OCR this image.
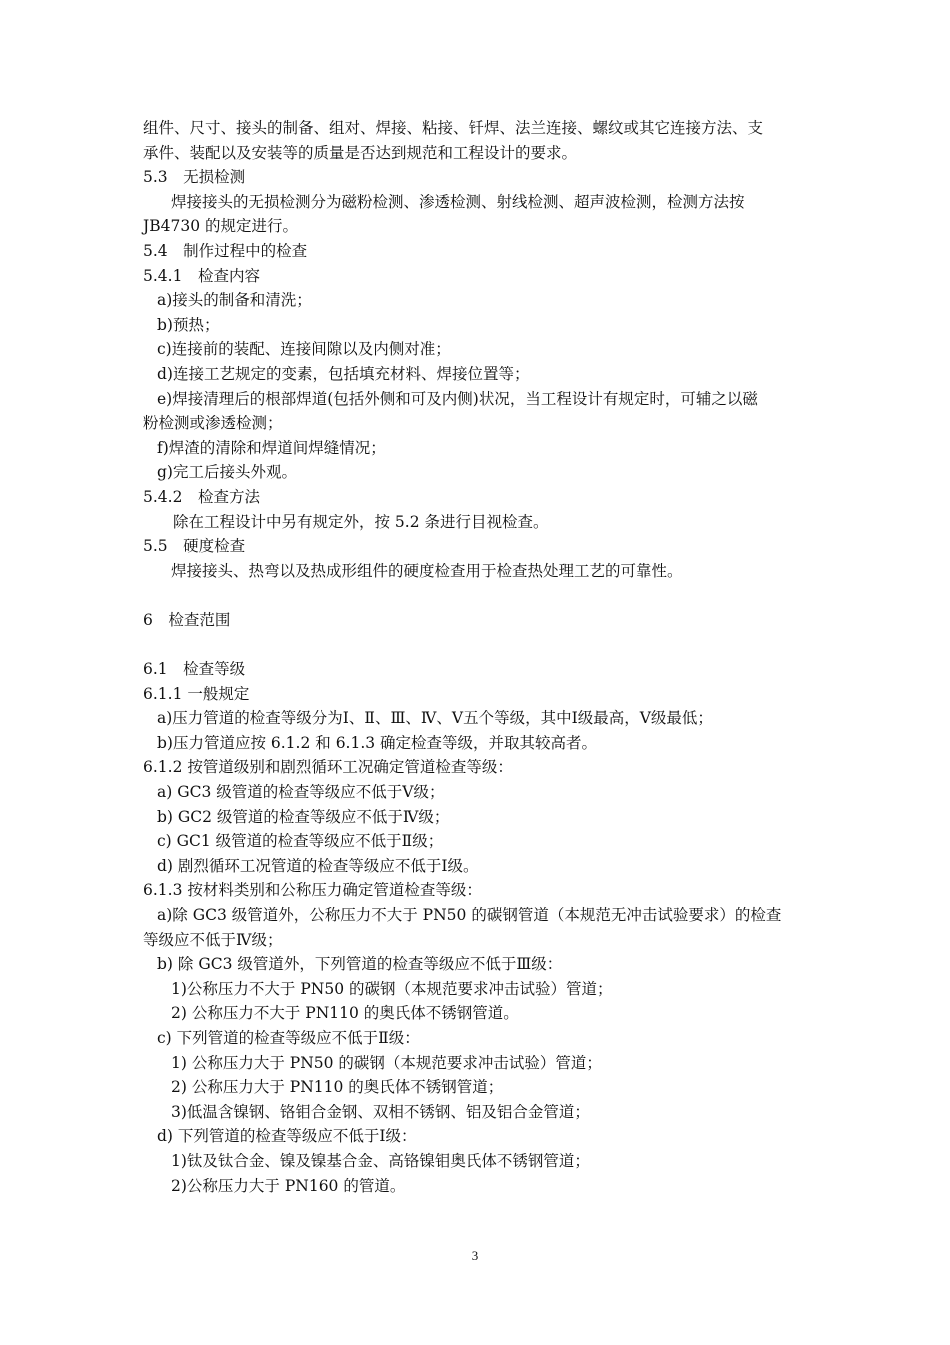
组件、尺寸、接头的制备、组对、焊接、粘接、钎焊、法兰连接、螺纹或其它连接方法、支
承件、装配以及安装等的质量是否达到规范和工程设计的要求。
5.3　无损检测
焊接接头的无损检测分为磁粉检测、渗透检测、射线检测、超声波检测，检测方法按
JB4730 的规定进行。
5.4　制作过程中的检查
5.4.1　检查内容
a)接头的制备和清洗；
b)预热；
c)连接前的装配、连接间隙以及内侧对准；
d)连接工艺规定的变素，包括填充材料、焊接位置等；
e)焊接清理后的根部焊道(包括外侧和可及内侧)状况，当工程设计有规定时，可辅之以磁
粉检测或渗透检测；
f)焊渣的清除和焊道间焊缝情况；
g)完工后接头外观。
5.4.2　检查方法
除在工程设计中另有规定外，按 5.2 条进行目视检查。
5.5　硬度检查
焊接接头、热弯以及热成形组件的硬度检查用于检查热处理工艺的可靠性。
6　检查范围
6.1　检查等级
6.1.1 一般规定
a)压力管道的检查等级分为Ⅰ、Ⅱ、Ⅲ、Ⅳ、Ⅴ五个等级，其中Ⅰ级最高，Ⅴ级最低；
b)压力管道应按 6.1.2 和 6.1.3 确定检查等级，并取其较高者。
6.1.2 按管道级别和剧烈循环工况确定管道检查等级：
a) GC3 级管道的检查等级应不低于Ⅴ级；
b) GC2 级管道的检查等级应不低于Ⅳ级；
c) GC1 级管道的检查等级应不低于Ⅱ级；
d) 剧烈循环工况管道的检查等级应不低于Ⅰ级。
6.1.3 按材料类别和公称压力确定管道检查等级：
a)除 GC3 级管道外，公称压力不大于 PN50 的碳钢管道（本规范无冲击试验要求）的检查
等级应不低于Ⅳ级；
b) 除 GC3 级管道外，下列管道的检查等级应不低于Ⅲ级：
1)公称压力不大于 PN50 的碳钢（本规范要求冲击试验）管道；
2) 公称压力不大于 PN110 的奥氏体不锈钢管道。
c) 下列管道的检查等级应不低于Ⅱ级：
1) 公称压力大于 PN50 的碳钢（本规范要求冲击试验）管道；
2) 公称压力大于 PN110 的奥氏体不锈钢管道；
3)低温含镍钢、铬钼合金钢、双相不锈钢、铝及铝合金管道；
d) 下列管道的检查等级应不低于Ⅰ级：
1)钛及钛合金、镍及镍基合金、高铬镍钼奥氏体不锈钢管道；
2)公称压力大于 PN160 的管道。
3
